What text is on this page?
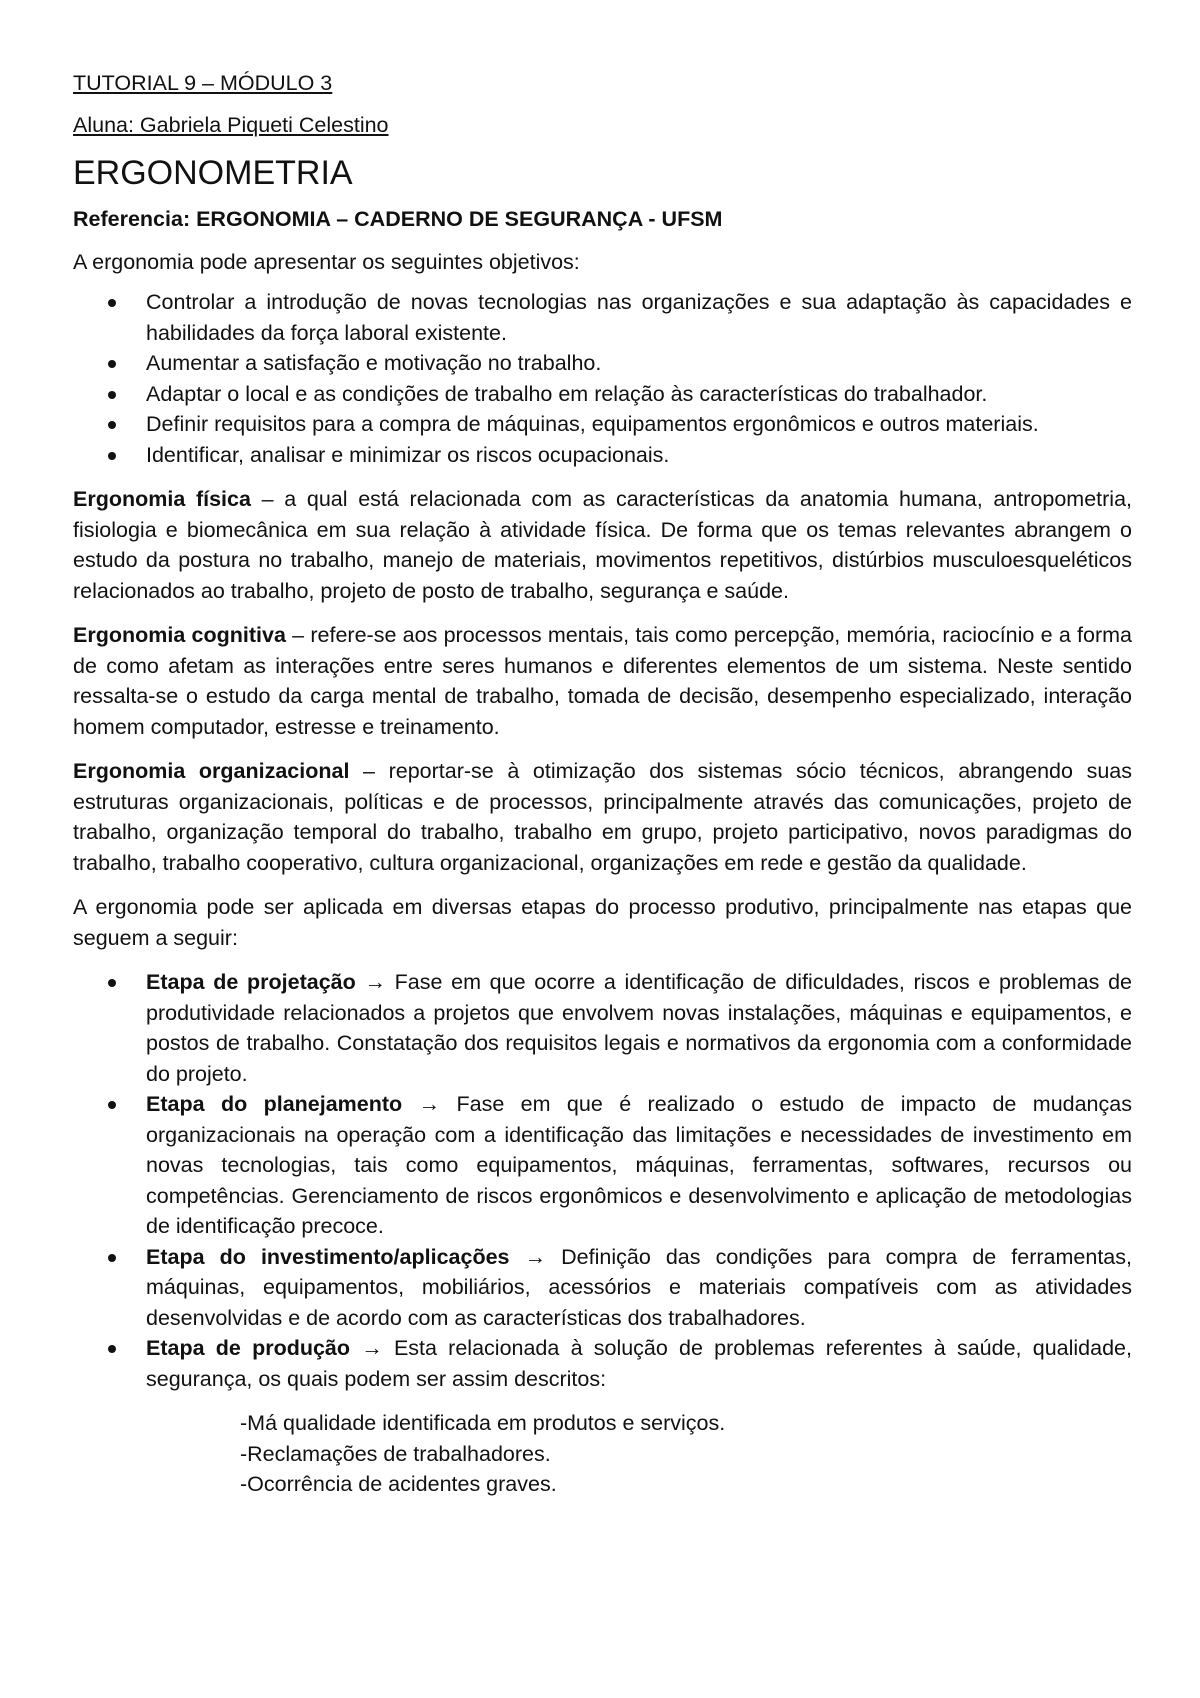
TUTORIAL 9 – MÓDULO 3
Aluna: Gabriela Piqueti Celestino
ERGONOMETRIA
Referencia: ERGONOMIA – CADERNO DE SEGURANÇA - UFSM

A ergonomia pode apresentar os seguintes objetivos:

Controlar a introdução de novas tecnologias nas organizações e sua adaptação às capacidades e habilidades da força laboral existente.
Aumentar a satisfação e motivação no trabalho.
Adaptar o local e as condições de trabalho em relação às características do trabalhador.
Definir requisitos para a compra de máquinas, equipamentos ergonômicos e outros materiais.
Identificar, analisar e minimizar os riscos ocupacionais.

Ergonomia física – a qual está relacionada com as características da anatomia humana, antropometria, fisiologia e biomecânica em sua relação à atividade física. De forma que os temas relevantes abrangem o estudo da postura no trabalho, manejo de materiais, movimentos repetitivos, distúrbios musculoesqueléticos relacionados ao trabalho, projeto de posto de trabalho, segurança e saúde.

Ergonomia cognitiva – refere-se aos processos mentais, tais como percepção, memória, raciocínio e a forma de como afetam as interações entre seres humanos e diferentes elementos de um sistema. Neste sentido ressalta-se o estudo da carga mental de trabalho, tomada de decisão, desempenho especializado, interação homem computador, estresse e treinamento.

Ergonomia organizacional – reportar-se à otimização dos sistemas sócio técnicos, abrangendo suas estruturas organizacionais, políticas e de processos, principalmente através das comunicações, projeto de trabalho, organização temporal do trabalho, trabalho em grupo, projeto participativo, novos paradigmas do trabalho, trabalho cooperativo, cultura organizacional, organizações em rede e gestão da qualidade.

A ergonomia pode ser aplicada em diversas etapas do processo produtivo, principalmente nas etapas que seguem a seguir:

Etapa de projetação → Fase em que ocorre a identificação de dificuldades, riscos e problemas de produtividade relacionados a projetos que envolvem novas instalações, máquinas e equipamentos, e postos de trabalho. Constatação dos requisitos legais e normativos da ergonomia com a conformidade do projeto.
Etapa do planejamento → Fase em que é realizado o estudo de impacto de mudanças organizacionais na operação com a identificação das limitações e necessidades de investimento em novas tecnologias, tais como equipamentos, máquinas, ferramentas, softwares, recursos ou competências. Gerenciamento de riscos ergonômicos e desenvolvimento e aplicação de metodologias de identificação precoce.
Etapa do investimento/aplicações → Definição das condições para compra de ferramentas, máquinas, equipamentos, mobiliários, acessórios e materiais compatíveis com as atividades desenvolvidas e de acordo com as características dos trabalhadores.
Etapa de produção → Esta relacionada à solução de problemas referentes à saúde, qualidade, segurança, os quais podem ser assim descritos:
-Má qualidade identificada em produtos e serviços.
-Reclamações de trabalhadores.
-Ocorrência de acidentes graves.
